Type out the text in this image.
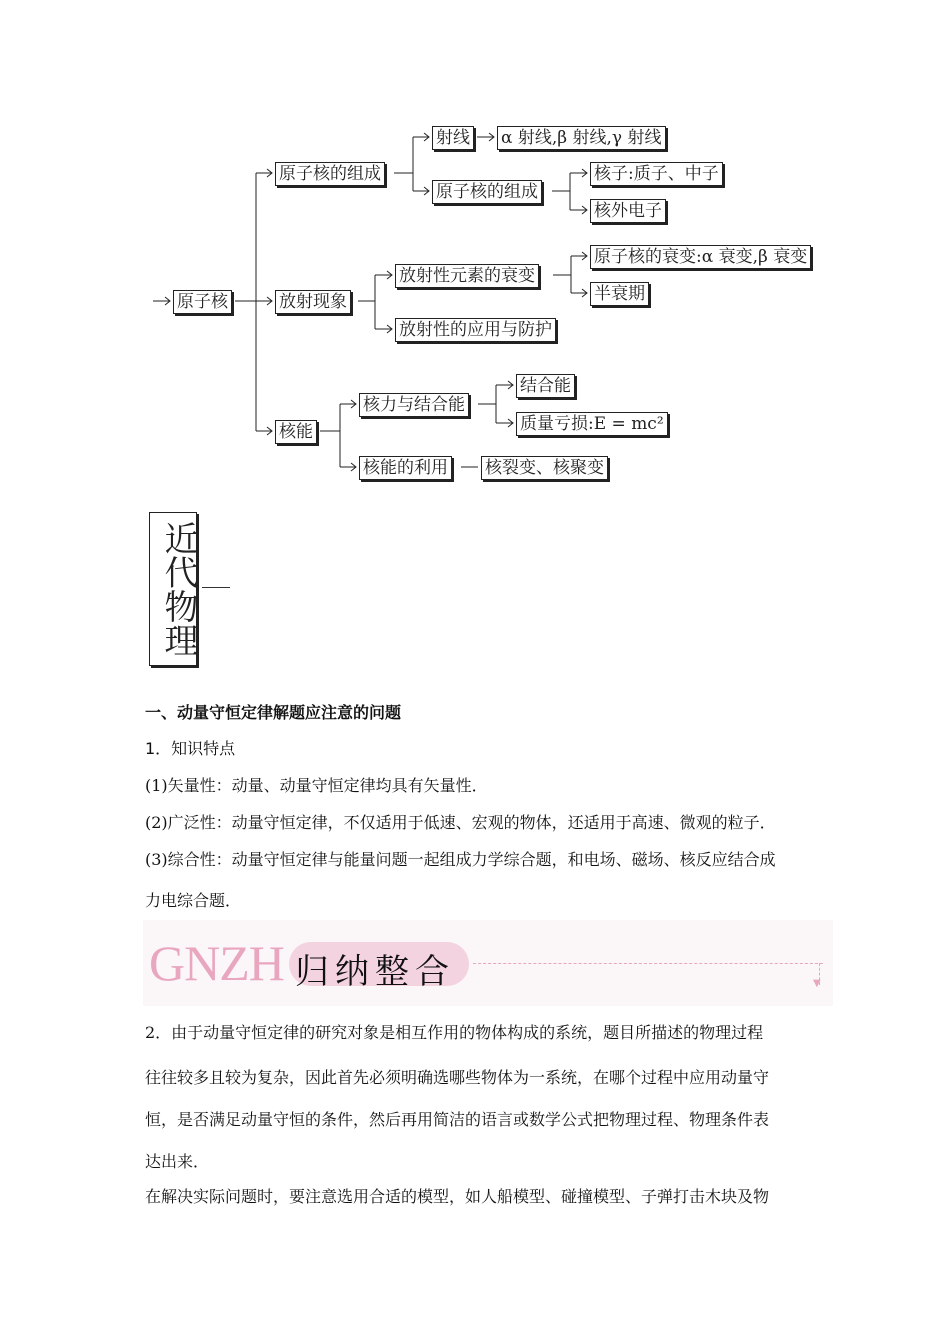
原子核
原子核的组成
射线 α 射线,β 射线,γ 射线
原子核的组成
核子:质子、中子
核外电子
放射现象
放射性元素的衰变
原子核的衰变:α 衰变,β 衰变
半衰期
放射性的应用与防护
核能
核力与结合能
结合能
质量亏损:E = mc²
核能的利用 核裂变、核聚变
近代物理
一、动量守恒定律解题应注意的问题
1．知识特点
(1)矢量性：动量、动量守恒定律均具有矢量性．
(2)广泛性：动量守恒定律，不仅适用于低速、宏观的物体，还适用于高速、微观的粒子．
(3)综合性：动量守恒定律与能量问题一起组成力学综合题，和电场、磁场、核反应结合成
力电综合题．
GNZH 归纳整合	▼
2．由于动量守恒定律的研究对象是相互作用的物体构成的系统，题目所描述的物理过程
往往较多且较为复杂，因此首先必须明确选哪些物体为一系统，在哪个过程中应用动量守
恒，是否满足动量守恒的条件，然后再用简洁的语言或数学公式把物理过程、物理条件表
达出来．
在解决实际问题时，要注意选用合适的模型，如人船模型、碰撞模型、子弹打击木块及物
